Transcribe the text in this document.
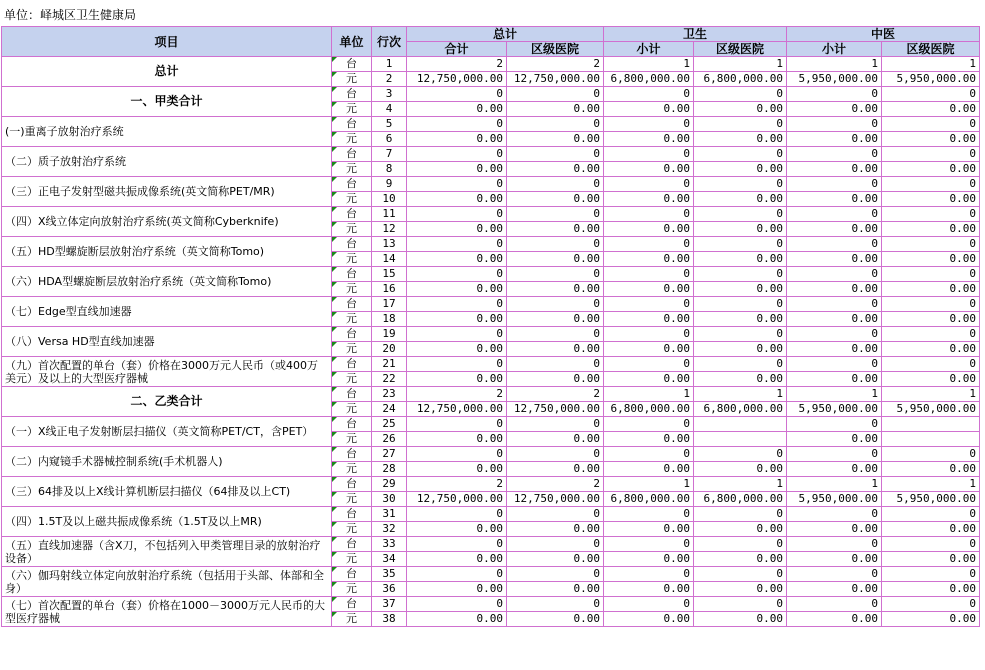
单位：峄城区卫生健康局
项目	单位	行次	总计		卫生		中医	
			合计	区级医院	小计	区级医院	小计	区级医院
总计	台	1	2	2	1	1	1	1
	元	2	12,750,000.00	12,750,000.00	6,800,000.00	6,800,000.00	5,950,000.00	5,950,000.00
一、甲类合计	台	3	0	0	0	0	0	0
	元	4	0.00	0.00	0.00	0.00	0.00	0.00
(一)重离子放射治疗系统	台	5	0	0	0	0	0	0
	元	6	0.00	0.00	0.00	0.00	0.00	0.00
（二）质子放射治疗系统	台	7	0	0	0	0	0	0
	元	8	0.00	0.00	0.00	0.00	0.00	0.00
（三）正电子发射型磁共振成像系统(英文简称PET/MR)	台	9	0	0	0	0	0	0
	元	10	0.00	0.00	0.00	0.00	0.00	0.00
（四）X线立体定向放射治疗系统(英文简称Cyberknife)	台	11	0	0	0	0	0	0
	元	12	0.00	0.00	0.00	0.00	0.00	0.00
（五）HD型螺旋断层放射治疗系统（英文简称Tomo)	台	13	0	0	0	0	0	0
	元	14	0.00	0.00	0.00	0.00	0.00	0.00
（六）HDA型螺旋断层放射治疗系统（英文简称Tomo)	台	15	0	0	0	0	0	0
	元	16	0.00	0.00	0.00	0.00	0.00	0.00
（七）Edge型直线加速器	台	17	0	0	0	0	0	0
	元	18	0.00	0.00	0.00	0.00	0.00	0.00
（八）Versa HD型直线加速器	台	19	0	0	0	0	0	0
	元	20	0.00	0.00	0.00	0.00	0.00	0.00
（九）首次配置的单台（套）价格在3000万元人民币（或400万美元）及以上的大型医疗器械	台	21	0	0	0	0	0	0
	元	22	0.00	0.00	0.00	0.00	0.00	0.00
二、乙类合计	台	23	2	2	1	1	1	1
	元	24	12,750,000.00	12,750,000.00	6,800,000.00	6,800,000.00	5,950,000.00	5,950,000.00
（一）X线正电子发射断层扫描仪（英文简称PET/CT，含PET）	台	25	0	0	0		0	
	元	26	0.00	0.00	0.00		0.00	
（二）内窥镜手术器械控制系统(手术机器人)	台	27	0	0	0	0	0	0
	元	28	0.00	0.00	0.00	0.00	0.00	0.00
（三）64排及以上X线计算机断层扫描仪（64排及以上CT)	台	29	2	2	1	1	1	1
	元	30	12,750,000.00	12,750,000.00	6,800,000.00	6,800,000.00	5,950,000.00	5,950,000.00
（四）1.5T及以上磁共振成像系统（1.5T及以上MR)	台	31	0	0	0	0	0	0
	元	32	0.00	0.00	0.00	0.00	0.00	0.00
（五）直线加速器（含X刀，不包括列入甲类管理目录的放射治疗设备）	台	33	0	0	0	0	0	0
	元	34	0.00	0.00	0.00	0.00	0.00	0.00
（六）伽玛射线立体定向放射治疗系统（包括用于头部、体部和全身）	台	35	0	0	0	0	0	0
	元	36	0.00	0.00	0.00	0.00	0.00	0.00
（七）首次配置的单台（套）价格在1000－3000万元人民币的大型医疗器械	台	37	0	0	0	0	0	0
	元	38	0.00	0.00	0.00	0.00	0.00	0.00
